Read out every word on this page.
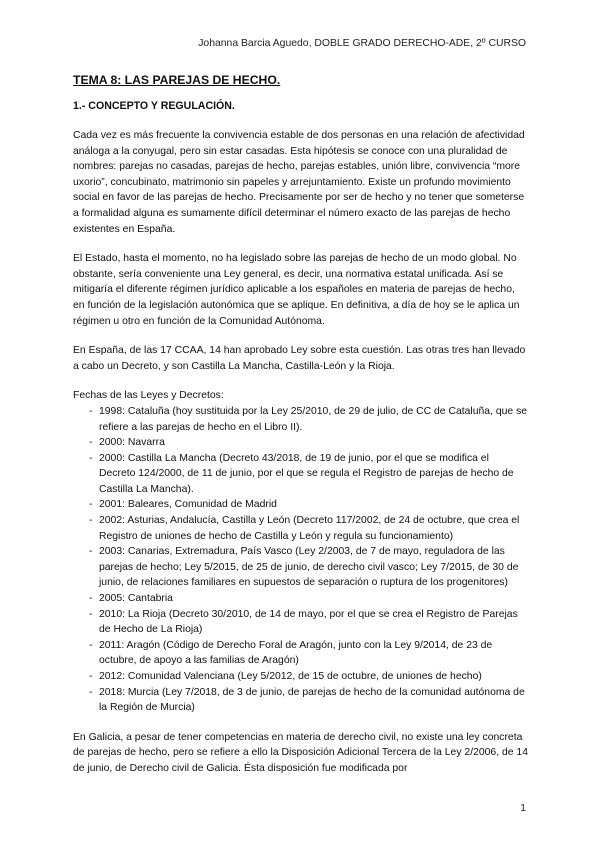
Johanna Barcia Aguedo, DOBLE GRADO DERECHO-ADE, 2º CURSO
TEMA 8: LAS PAREJAS DE HECHO.
1.- CONCEPTO Y REGULACIÓN.

Cada vez es más frecuente la convivencia estable de dos personas en una relación de afectividad análoga a la conyugal, pero sin estar casadas. Esta hipótesis se conoce con una pluralidad de nombres: parejas no casadas, parejas de hecho, parejas estables, unión libre, convivencia “more uxorio”, concubinato, matrimonio sin papeles y arrejuntamiento. Existe un profundo movimiento social en favor de las parejas de hecho. Precisamente por ser de hecho y no tener que someterse a formalidad alguna es sumamente difícil determinar el número exacto de las parejas de hecho existentes en España.

El Estado, hasta el momento, no ha legislado sobre las parejas de hecho de un modo global. No obstante, sería conveniente una Ley general, es decir, una normativa estatal unificada. Así se mitigaría el diferente régimen jurídico aplicable a los españoles en materia de parejas de hecho, en función de la legislación autonómica que se aplique. En definitiva, a día de hoy se le aplica un régimen u otro en función de la Comunidad Autónoma.

En España, de las 17 CCAA, 14 han aprobado Ley sobre esta cuestión. Las otras tres han llevado a cabo un Decreto, y son Castilla La Mancha, Castilla-León y la Rioja.

Fechas de las Leyes y Decretos:
- 1998: Cataluña (hoy sustituida por la Ley 25/2010, de 29 de julio, de CC de Cataluña, que se refiere a las parejas de hecho en el Libro II).
- 2000: Navarra
- 2000: Castilla La Mancha (Decreto 43/2018, de 19 de junio, por el que se modifica el Decreto 124/2000, de 11 de junio, por el que se regula el Registro de parejas de hecho de Castilla La Mancha).
- 2001: Baleares, Comunidad de Madrid
- 2002: Asturias, Andalucía, Castilla y León (Decreto 117/2002, de 24 de octubre, que crea el Registro de uniones de hecho de Castilla y León y regula su funcionamiento)
- 2003: Canarias, Extremadura, País Vasco (Ley 2/2003, de 7 de mayo, reguladora de las parejas de hecho; Ley 5/2015, de 25 de junio, de derecho civil vasco; Ley 7/2015, de 30 de junio, de relaciones familiares en supuestos de separación o ruptura de los progenitores)
- 2005: Cantabria
- 2010: La Rioja (Decreto 30/2010, de 14 de mayo, por el que se crea el Registro de Parejas de Hecho de La Rioja)
- 2011: Aragón (Código de Derecho Foral de Aragón, junto con la Ley 9/2014, de 23 de octubre, de apoyo a las familias de Aragón)
- 2012: Comunidad Valenciana (Ley 5/2012, de 15 de octubre, de uniones de hecho)
- 2018: Murcia (Ley 7/2018, de 3 de junio, de parejas de hecho de la comunidad autónoma de la Región de Murcia)

En Galicia, a pesar de tener competencias en materia de derecho civil, no existe una ley concreta de parejas de hecho, pero se refiere a ello la Disposición Adicional Tercera de la Ley 2/2006, de 14 de junio, de Derecho civil de Galicia. Ésta disposición fue modificada por

1
